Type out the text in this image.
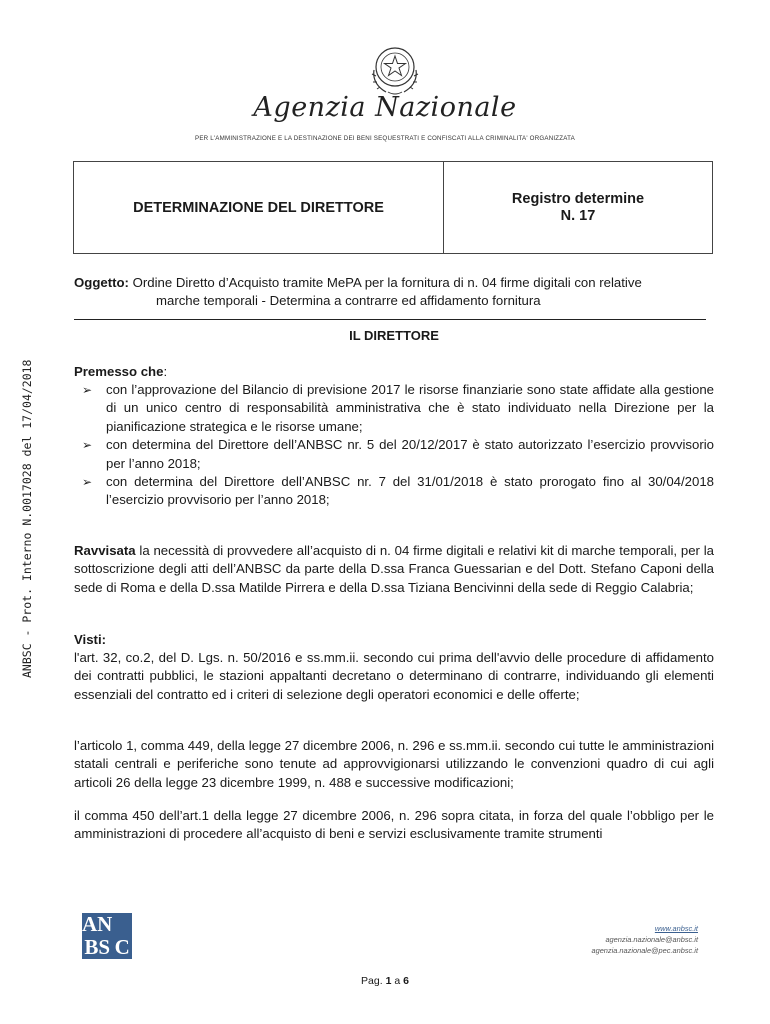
Agenzia Nazionale
PER L'AMMINISTRAZIONE E LA DESTINAZIONE DEI BENI SEQUESTRATI E CONFISCATI ALLA CRIMINALITA' ORGANIZZATA
DETERMINAZIONE DEL DIRETTORE
Registro determine
N. 17
ANBSC - Prot. Interno N.0017028 del 17/04/2018
Oggetto: Ordine Diretto d’Acquisto tramite MePA per la fornitura di n. 04 firme digitali con relative
marche temporali - Determina a contrarre ed affidamento fornitura
IL DIRETTORE
Premesso che:
➢ con l’approvazione del Bilancio di previsione 2017 le risorse finanziarie sono state affidate alla gestione di un unico centro di responsabilità amministrativa che è stato individuato nella Direzione per la pianificazione strategica e le risorse umane;
➢ con determina del Direttore dell’ANBSC nr. 5 del 20/12/2017 è stato autorizzato l’esercizio provvisorio per l’anno 2018;
➢ con determina del Direttore dell’ANBSC nr. 7 del 31/01/2018 è stato prorogato fino al 30/04/2018 l’esercizio provvisorio per l’anno 2018;
Ravvisata la necessità di provvedere all’acquisto di n. 04 firme digitali e relativi kit di marche temporali, per la sottoscrizione degli atti dell’ANBSC da parte della D.ssa Franca Guessarian e del Dott. Stefano Caponi della sede di Roma e della D.ssa Matilde Pirrera e della D.ssa Tiziana Bencivinni della sede di Reggio Calabria;
Visti:
l'art. 32, co.2, del D. Lgs. n. 50/2016 e ss.mm.ii. secondo cui prima dell'avvio delle procedure di affidamento dei contratti pubblici, le stazioni appaltanti decretano o determinano di contrarre, individuando gli elementi essenziali del contratto ed i criteri di selezione degli operatori economici e delle offerte;
l’articolo 1, comma 449, della legge 27 dicembre 2006, n. 296 e ss.mm.ii. secondo cui tutte le amministrazioni statali centrali e periferiche sono tenute ad approvvigionarsi utilizzando le convenzioni quadro di cui agli articoli 26 della legge 23 dicembre 1999, n. 488 e successive modificazioni;
il comma 450 dell’art.1 della legge 27 dicembre 2006, n. 296 sopra citata, in forza del quale l’obbligo per le amministrazioni di procedere all’acquisto di beni e servizi esclusivamente tramite strumenti
AN
BS C
www.anbsc.it
agenzia.nazionale@anbsc.it
agenzia.nazionale@pec.anbsc.it
Pag. 1 a 6
